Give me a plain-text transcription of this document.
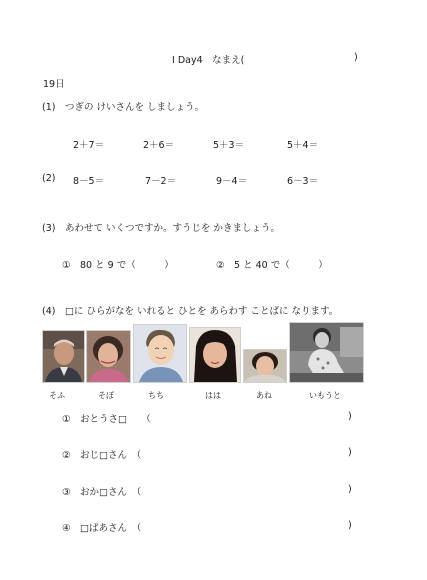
I Day4　なまえ(	)
19日
(1)　つぎの けいさんを しましょう。
2＋7＝	2＋6＝	5＋3＝	5＋4＝
(2) 8－5＝	7－2＝	9－4＝	6－3＝
(3)　あわせて いくつですか。すうじを かきましょう。
①　80 と 9 で（　　　）	②　5 と 40 で（　　　）
(4)　□に ひらがなを いれると ひとを あらわす ことばに なります。
そふ	そぼ	ちち	はは	あね	いもうと
①　おとうさ□　　（	)
②　おじ□さん　（	)
③　おか□さん　（	)
④　□ばあさん　（	)
